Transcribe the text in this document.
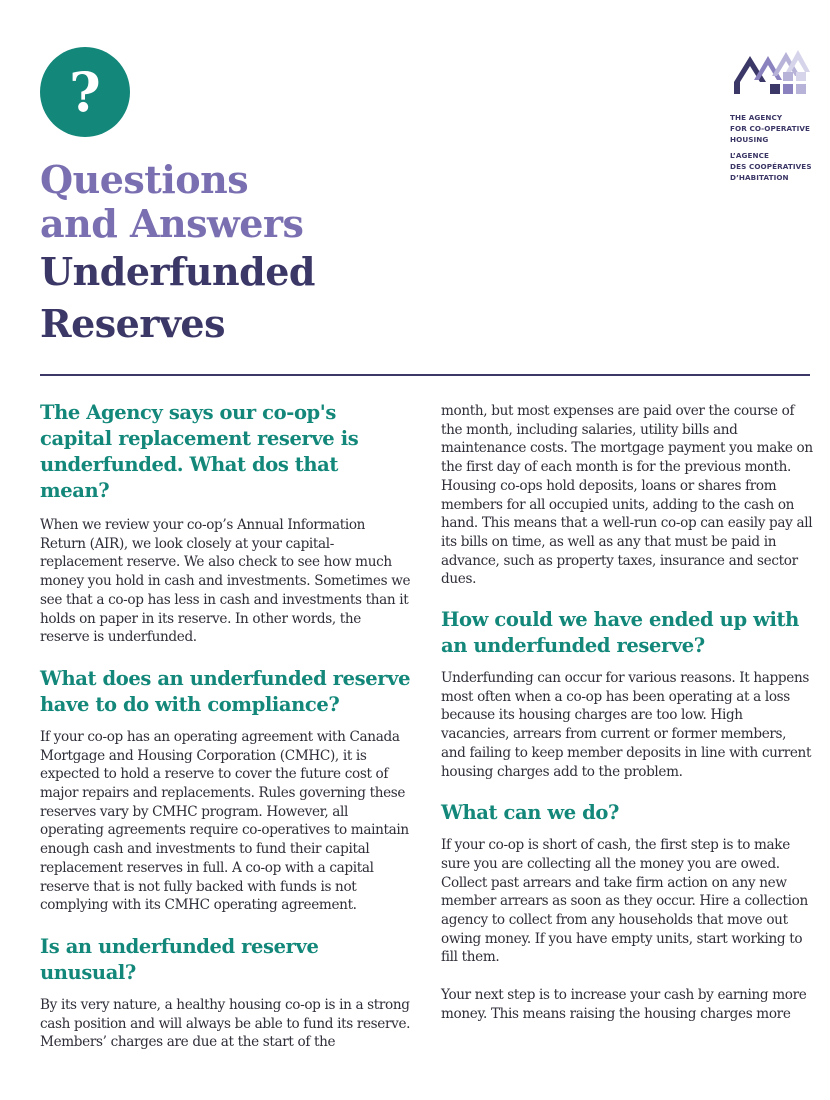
?
Questions
and Answers
Underfunded
Reserves
THE AGENCY
FOR CO-OPERATIVE
HOUSING
L’AGENCE
DES COOPÉRATIVES
D’HABITATION
The Agency says our co-op's capital replacement reserve is underfunded. What dos that mean?

When we review your co-op’s Annual Information Return (AIR), we look closely at your capital-replacement reserve. We also check to see how much money you hold in cash and investments. Sometimes we see that a co-op has less in cash and investments than it holds on paper in its reserve. In other words, the reserve is underfunded.

What does an underfunded reserve have to do with compliance?

If your co-op has an operating agreement with Canada Mortgage and Housing Corporation (CMHC), it is expected to hold a reserve to cover the future cost of major repairs and replacements. Rules governing these reserves vary by CMHC program. However, all operating agreements require co-operatives to maintain enough cash and investments to fund their capital replacement reserves in full. A co-op with a capital reserve that is not fully backed with funds is not complying with its CMHC operating agreement.

Is an underfunded reserve unusual?

By its very nature, a healthy housing co-op is in a strong cash position and will always be able to fund its reserve. Members’ charges are due at the start of the

month, but most expenses are paid over the course of the month, including salaries, utility bills and maintenance costs. The mortgage payment you make on the first day of each month is for the previous month. Housing co-ops hold deposits, loans or shares from members for all occupied units, adding to the cash on hand. This means that a well-run co-op can easily pay all its bills on time, as well as any that must be paid in advance, such as property taxes, insurance and sector dues.

How could we have ended up with an underfunded reserve?

Underfunding can occur for various reasons. It happens most often when a co-op has been operating at a loss because its housing charges are too low. High vacancies, arrears from current or former members, and failing to keep member deposits in line with current housing charges add to the problem.

What can we do?

If your co-op is short of cash, the first step is to make sure you are collecting all the money you are owed. Collect past arrears and take firm action on any new member arrears as soon as they occur. Hire a collection agency to collect from any households that move out owing money. If you have empty units, start working to fill them.

Your next step is to increase your cash by earning more money. This means raising the housing charges more
